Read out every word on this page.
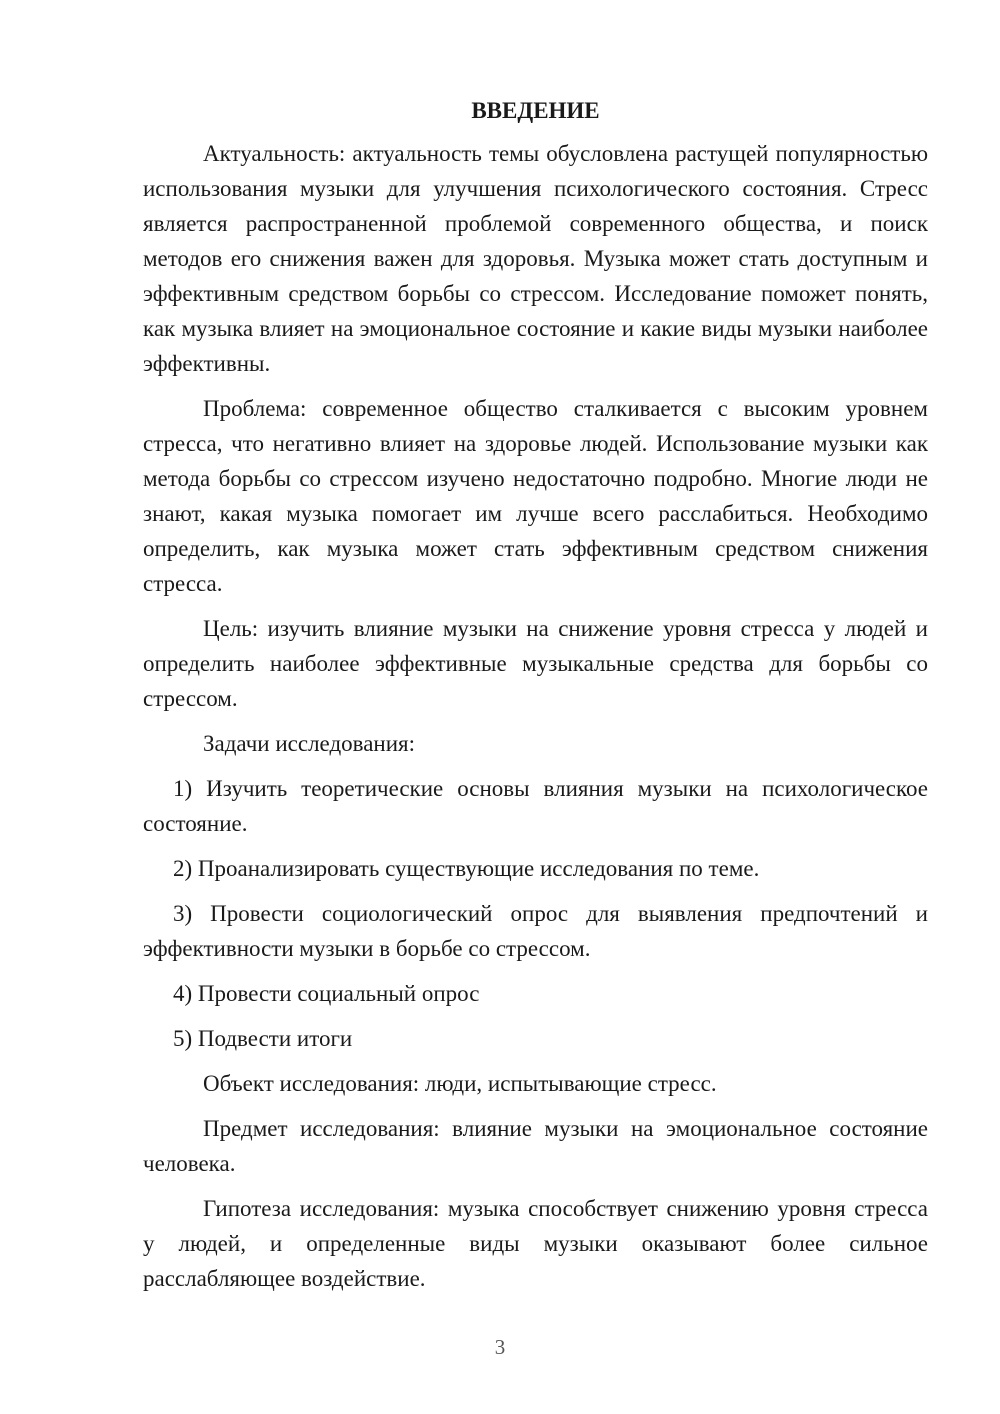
ВВЕДЕНИЕ

Актуальность: актуальность темы обусловлена растущей популярностью использования музыки для улучшения психологического состояния. Стресс является распространенной проблемой современного общества, и поиск методов его снижения важен для здоровья. Музыка может стать доступным и эффективным средством борьбы со стрессом. Исследование поможет понять, как музыка влияет на эмоциональное состояние и какие виды музыки наиболее эффективны.

Проблема: современное общество сталкивается с высоким уровнем стресса, что негативно влияет на здоровье людей. Использование музыки как метода борьбы со стрессом изучено недостаточно подробно. Многие люди не знают, какая музыка помогает им лучше всего расслабиться. Необходимо определить, как музыка может стать эффективным средством снижения стресса.

Цель: изучить влияние музыки на снижение уровня стресса у людей и определить наиболее эффективные музыкальные средства для борьбы со стрессом.

Задачи исследования:

1) Изучить теоретические основы влияния музыки на психологическое состояние.

2) Проанализировать существующие исследования по теме.

3) Провести социологический опрос для выявления предпочтений и эффективности музыки в борьбе со стрессом.

4) Провести социальный опрос

5) Подвести итоги

Объект исследования: люди, испытывающие стресс.

Предмет исследования: влияние музыки на эмоциональное состояние человека.

Гипотеза исследования: музыка способствует снижению уровня стресса у людей, и определенные виды музыки оказывают более сильное расслабляющее воздействие.

3
